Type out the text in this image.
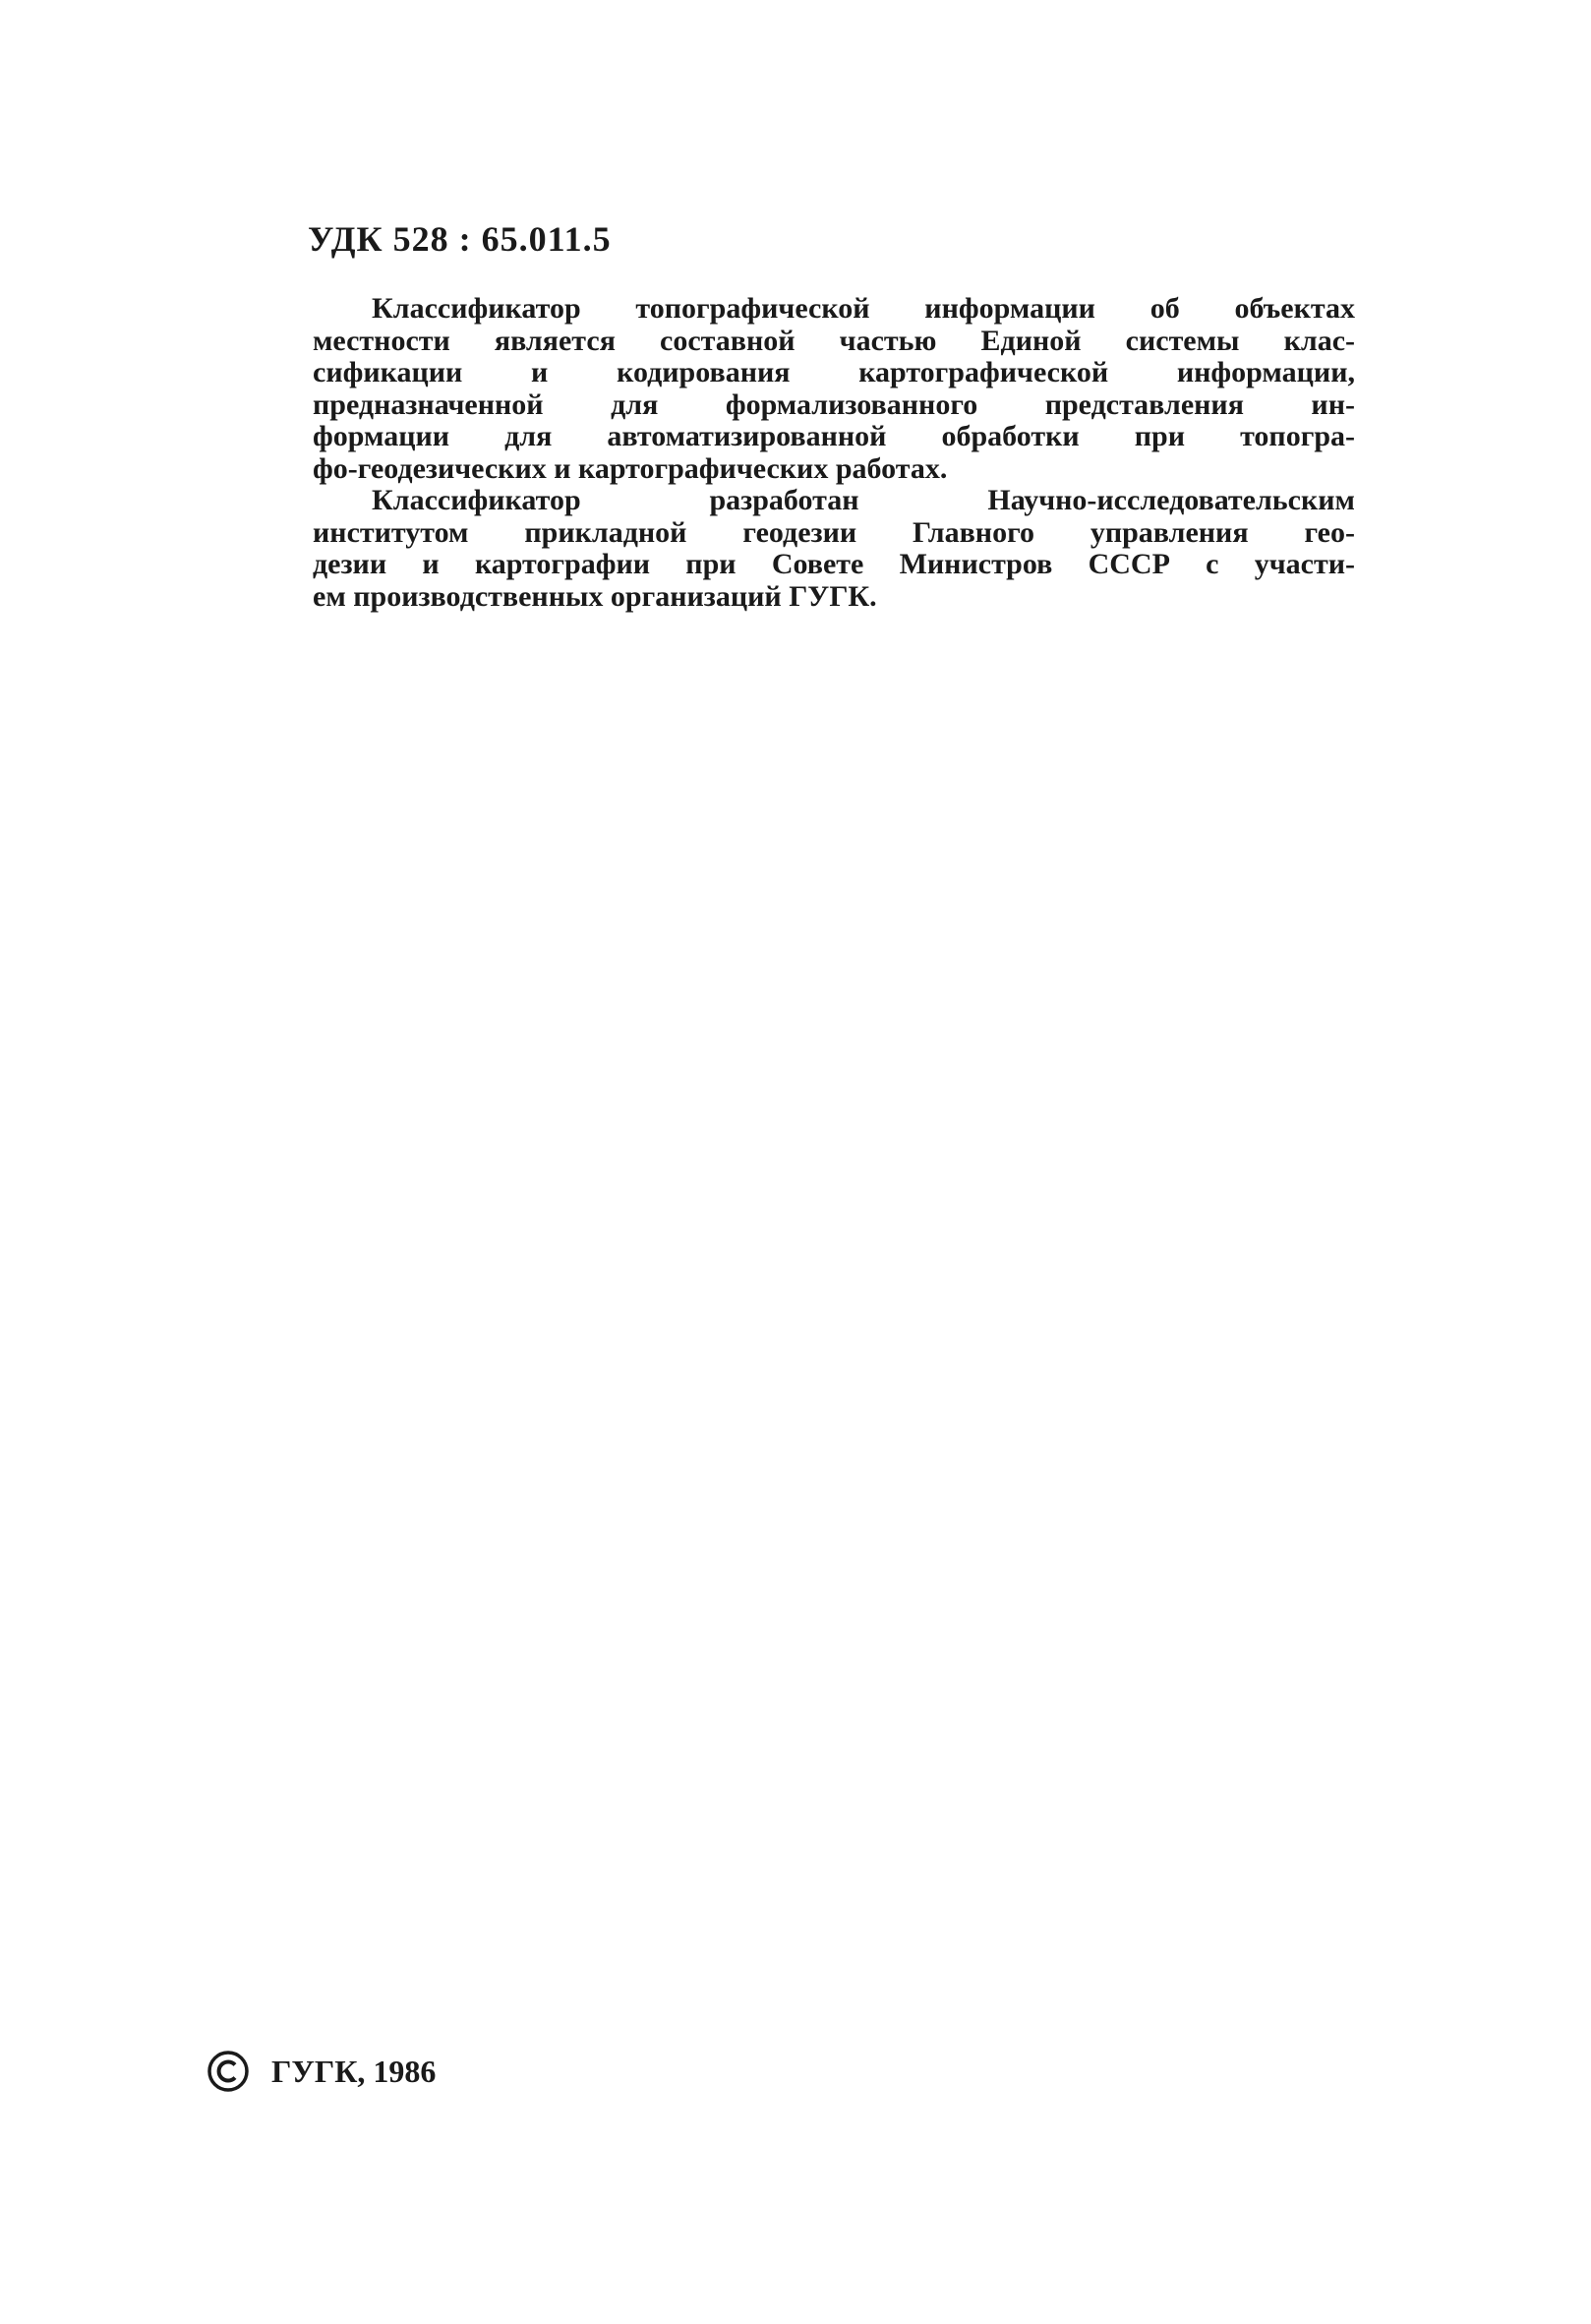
УДК 528 : 65.011.5
Классификатор топографической информации об объектах
местности является составной частью Единой системы клас-
сификации и кодирования картографической информации,
предназначенной для формализованного представления ин-
формации для автоматизированной обработки при топогра-
фо-геодезических и картографических работах.
Классификатор разработан Научно-исследовательским
институтом прикладной геодезии Главного управления гео-
дезии и картографии при Совете Министров СССР с участи-
ем производственных организаций ГУГК.
ГУГК, 1986
